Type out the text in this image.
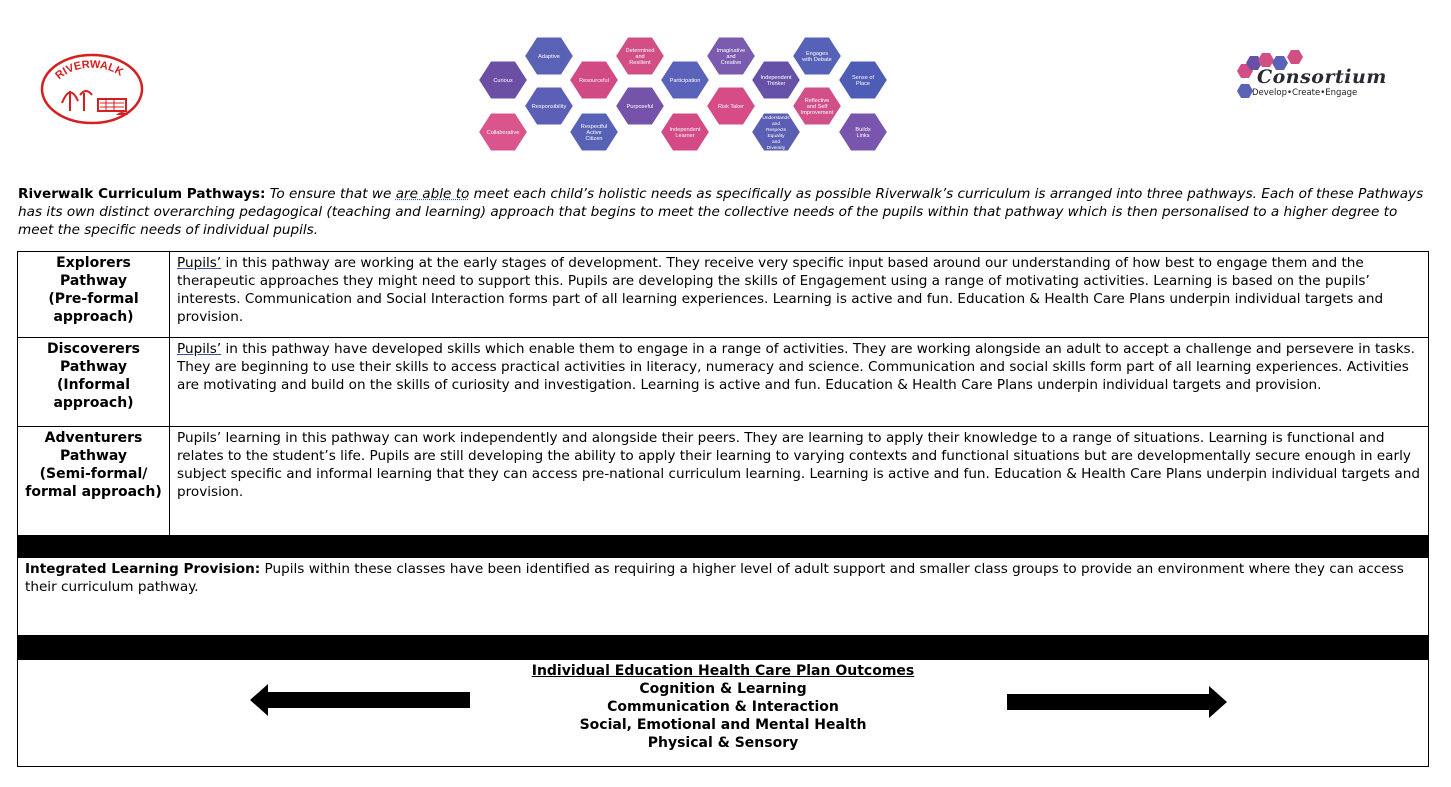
RIVERWALK
Curious
Adaptive
Determined
and
Resilient
Imaginative
and
Creative
Engages
with Debate
Resourceful	Participation	Independent
Thinker
Sense of
Place
Responsibility	Purposeful	Risk Taker
Reflective
and Self
Improvement
Collaborative
Respectful
Active
Citizen
Independent
Learner
Understands
and
Respects
Equality
and
Diversity
Builds
Links
Consortium
Develop•Create•Engage
Riverwalk Curriculum Pathways: To ensure that we are able to meet each child’s holistic needs as specifically as possible Riverwalk’s curriculum is arranged into three pathways. Each of these Pathways has its own distinct overarching pedagogical (teaching and learning) approach that begins to meet the collective needs of the pupils within that pathway which is then personalised to a higher degree to meet the specific needs of individual pupils.
Explorers
Pathway
(Pre-formal
approach)
Pupils’ in this pathway are working at the early stages of development. They receive very specific input based around our understanding of how best to engage them and the therapeutic approaches they might need to support this. Pupils are developing the skills of Engagement using a range of motivating activities. Learning is based on the pupils’ interests. Communication and Social Interaction forms part of all learning experiences. Learning is active and fun. Education & Health Care Plans underpin individual targets and provision.
Discoverers
Pathway
(Informal
approach)
Pupils’ in this pathway have developed skills which enable them to engage in a range of activities. They are working alongside an adult to accept a challenge and persevere in tasks. They are beginning to use their skills to access practical activities in literacy, numeracy and science. Communication and social skills form part of all learning experiences. Activities are motivating and build on the skills of curiosity and investigation. Learning is active and fun. Education & Health Care Plans underpin individual targets and provision.
Adventurers
Pathway
(Semi-formal/
formal approach)
Pupils’ learning in this pathway can work independently and alongside their peers. They are learning to apply their knowledge to a range of situations. Learning is functional and relates to the student’s life. Pupils are still developing the ability to apply their learning to varying contexts and functional situations but are developmentally secure enough in early subject specific and informal learning that they can access pre-national curriculum learning. Learning is active and fun. Education & Health Care Plans underpin individual targets and provision.
Integrated Learning Provision: Pupils within these classes have been identified as requiring a higher level of adult support and smaller class groups to provide an environment where they can access their curriculum pathway.
Individual Education Health Care Plan Outcomes
Cognition & Learning
Communication & Interaction
Social, Emotional and Mental Health
Physical & Sensory
